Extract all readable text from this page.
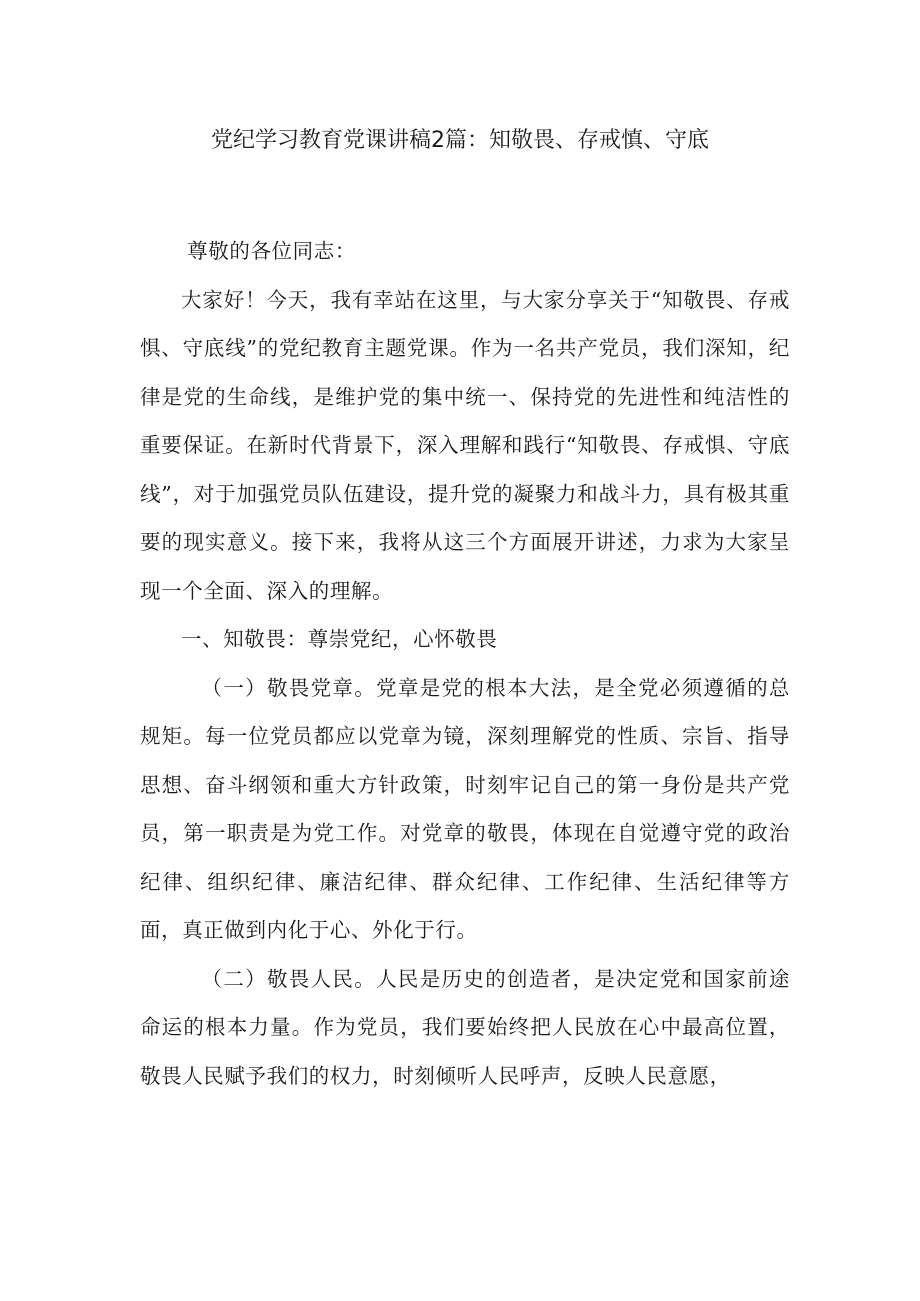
党纪学习教育党课讲稿2篇：知敬畏、存戒慎、守底

尊敬的各位同志：

大家好！今天，我有幸站在这里，与大家分享关于“知敬畏、存戒惧、守底线”的党纪教育主题党课。作为一名共产党员，我们深知，纪律是党的生命线，是维护党的集中统一、保持党的先进性和纯洁性的重要保证。在新时代背景下，深入理解和践行“知敬畏、存戒惧、守底线”，对于加强党员队伍建设，提升党的凝聚力和战斗力，具有极其重要的现实意义。接下来，我将从这三个方面展开讲述，力求为大家呈现一个全面、深入的理解。

一、知敬畏：尊崇党纪，心怀敬畏

（一）敬畏党章。党章是党的根本大法，是全党必须遵循的总规矩。每一位党员都应以党章为镜，深刻理解党的性质、宗旨、指导思想、奋斗纲领和重大方针政策，时刻牢记自己的第一身份是共产党员，第一职责是为党工作。对党章的敬畏，体现在自觉遵守党的政治纪律、组织纪律、廉洁纪律、群众纪律、工作纪律、生活纪律等方面，真正做到内化于心、外化于行。

（二）敬畏人民。人民是历史的创造者，是决定党和国家前途命运的根本力量。作为党员，我们要始终把人民放在心中最高位置，敬畏人民赋予我们的权力，时刻倾听人民呼声，反映人民意愿，
